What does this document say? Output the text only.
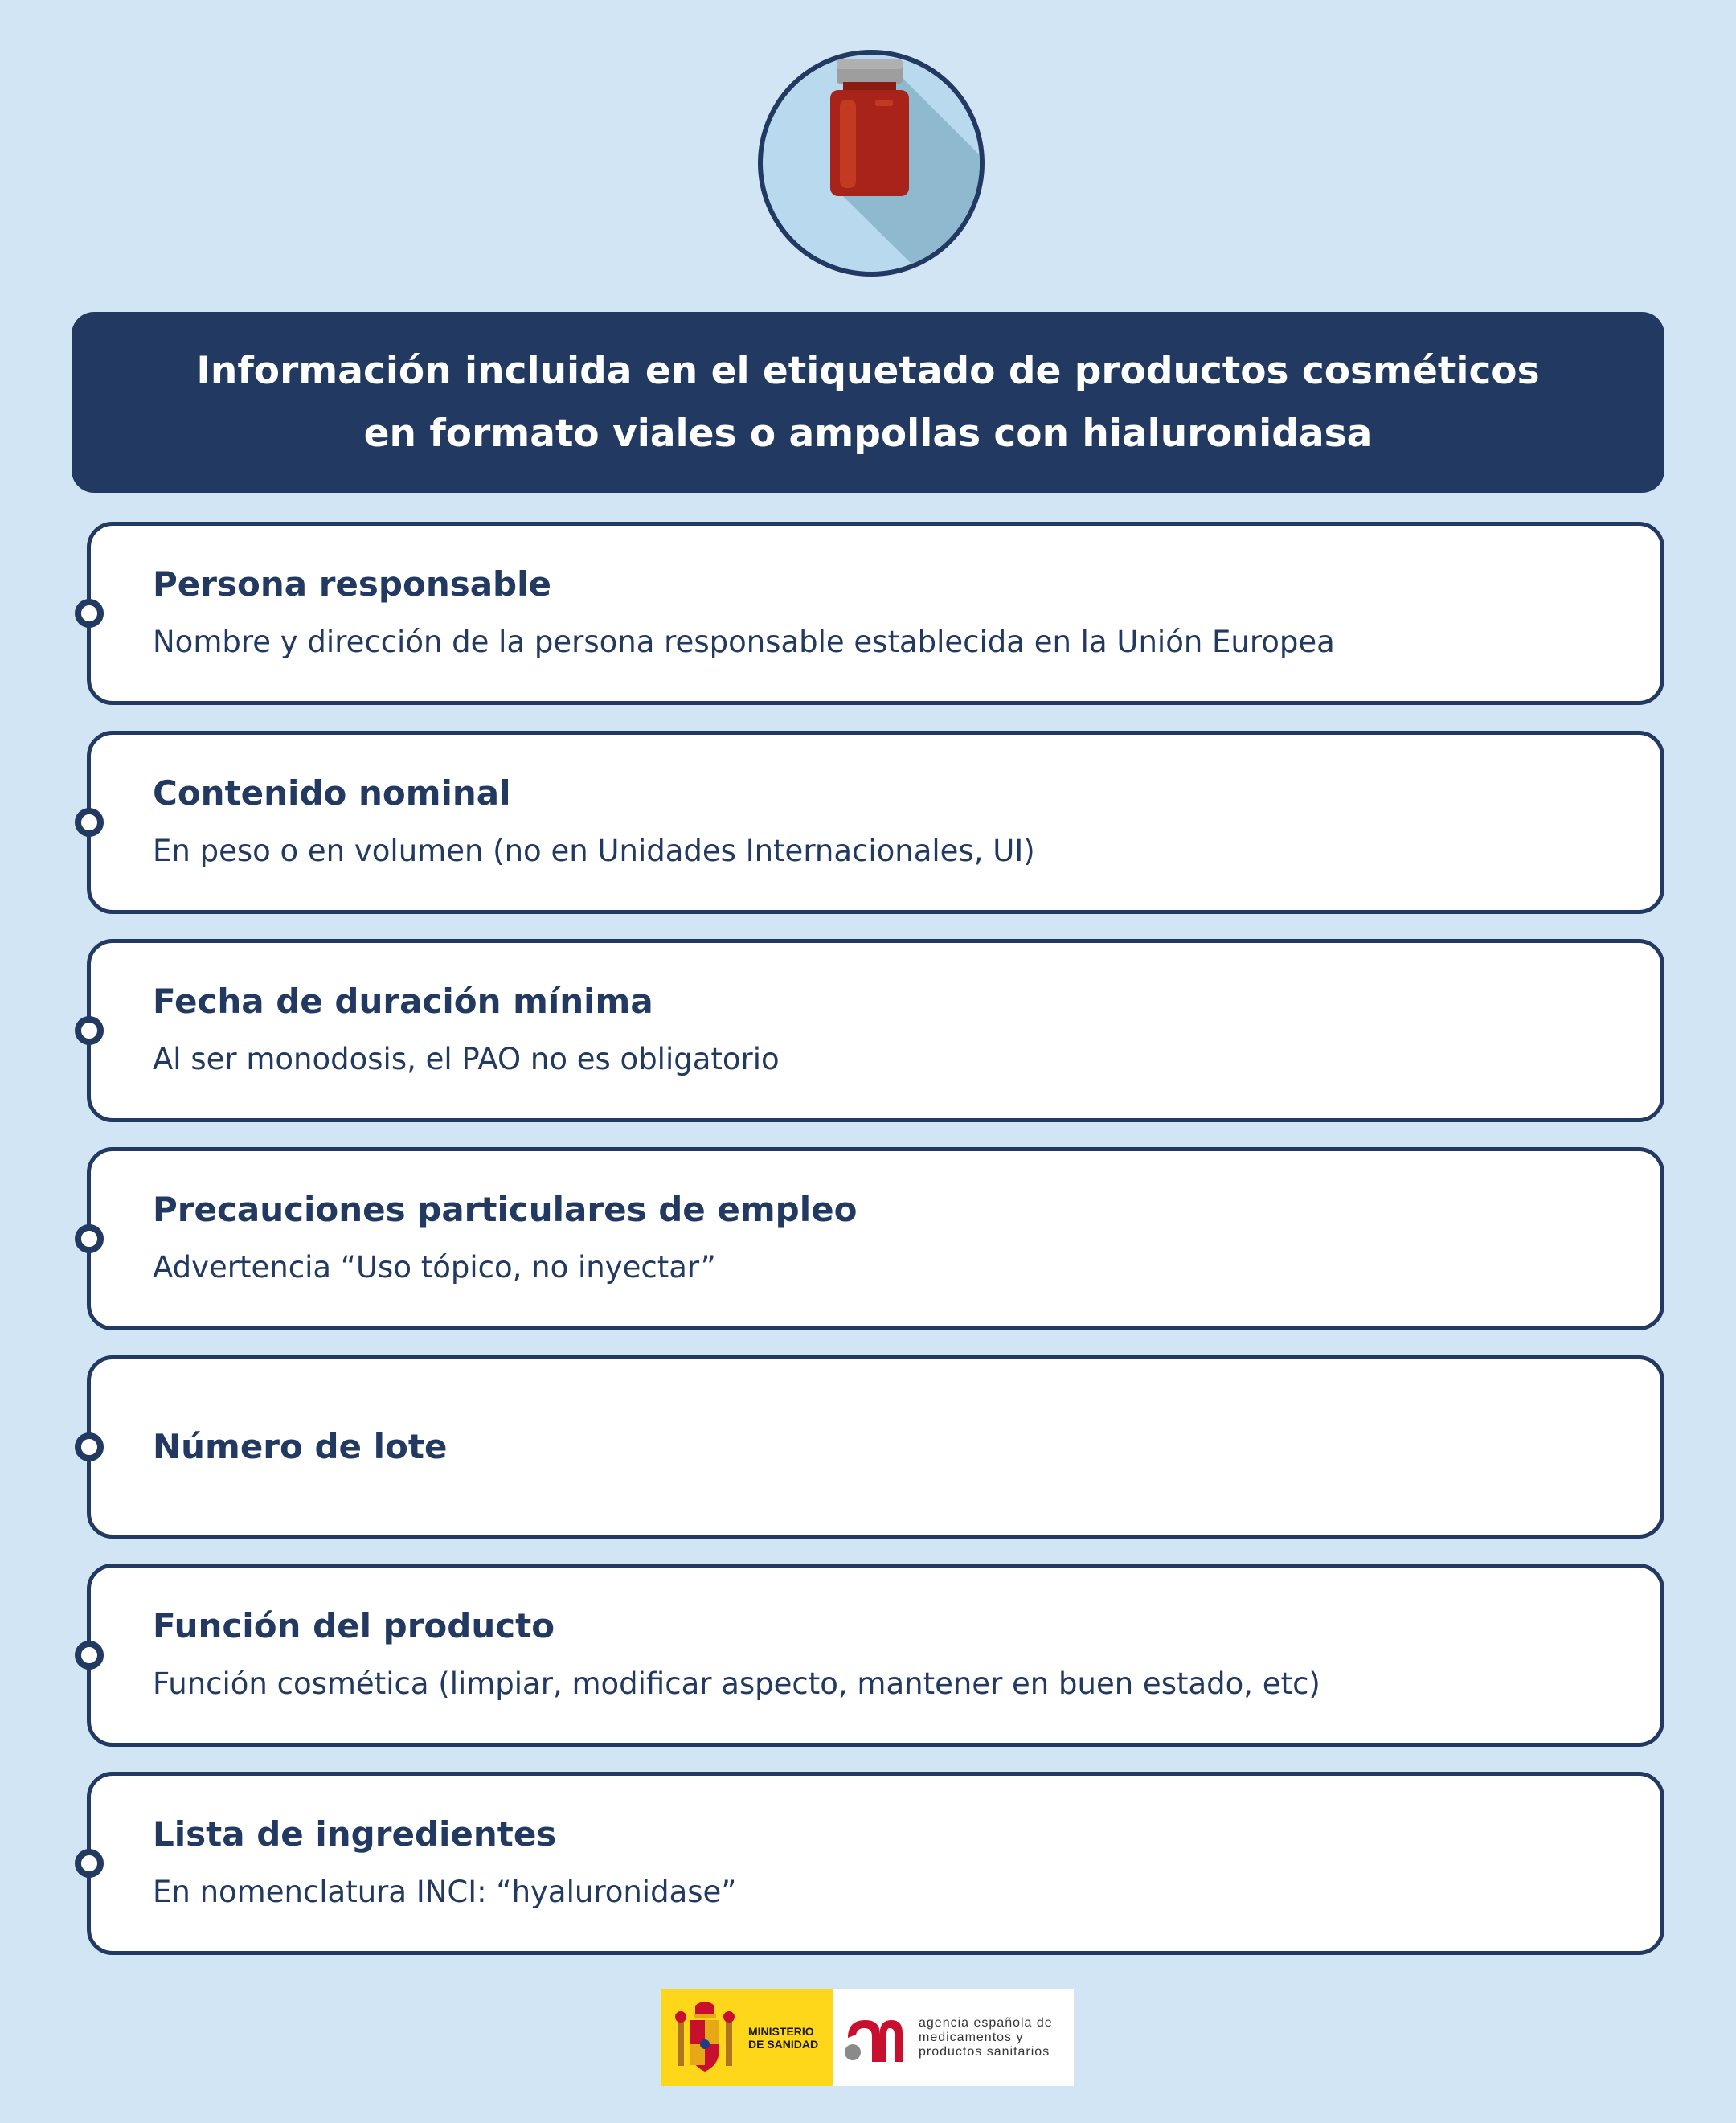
Información incluida en el etiquetado de productos cosméticos
en formato viales o ampollas con hialuronidasa
Persona responsable
Nombre y dirección de la persona responsable establecida en la Unión Europea
Contenido nominal
En peso o en volumen (no en Unidades Internacionales, UI)
Fecha de duración mínima
Al ser monodosis, el PAO no es obligatorio
Precauciones particulares de empleo
Advertencia “Uso tópico, no inyectar”
Número de lote
Función del producto
Función cosmética (limpiar, modificar aspecto, mantener en buen estado, etc)
Lista de ingredientes
En nomenclatura INCI: “hyaluronidase”
MINISTERIO
DE SANIDAD
agencia española de
medicamentos y
productos sanitarios
